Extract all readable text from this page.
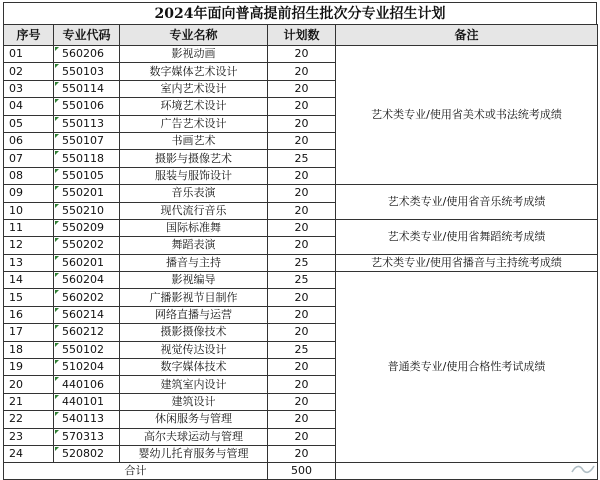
2024年面向普高提前招生批次分专业招生计划
序号	专业代码	专业名称	计划数	备注
01	560206	影视动画	20	艺术类专业/使用省美术或书法统考成绩
02	550103	数字媒体艺术设计	20	
03	550114	室内艺术设计	20	
04	550106	环境艺术设计	20	
05	550113	广告艺术设计	20	
06	550107	书画艺术	20	
07	550118	摄影与摄像艺术	25	
08	550105	服装与服饰设计	20	
09	550201	音乐表演	20	艺术类专业/使用省音乐统考成绩
10	550210	现代流行音乐	20	
11	550209	国际标准舞	20	艺术类专业/使用省舞蹈统考成绩
12	550202	舞蹈表演	20	
13	560201	播音与主持	25	艺术类专业/使用省播音与主持统考成绩
14	560204	影视编导	25	普通类专业/使用合格性考试成绩
15	560202	广播影视节目制作	20	
16	560214	网络直播与运营	20	
17	560212	摄影摄像技术	20	
18	550102	视觉传达设计	25	
19	510204	数字媒体技术	20	
20	440106	建筑室内设计	20	
21	440101	建筑设计	20	
22	540113	休闲服务与管理	20	
23	570313	高尔夫球运动与管理	20	
24	520802	婴幼儿托育服务与管理	20	
合计			500	
